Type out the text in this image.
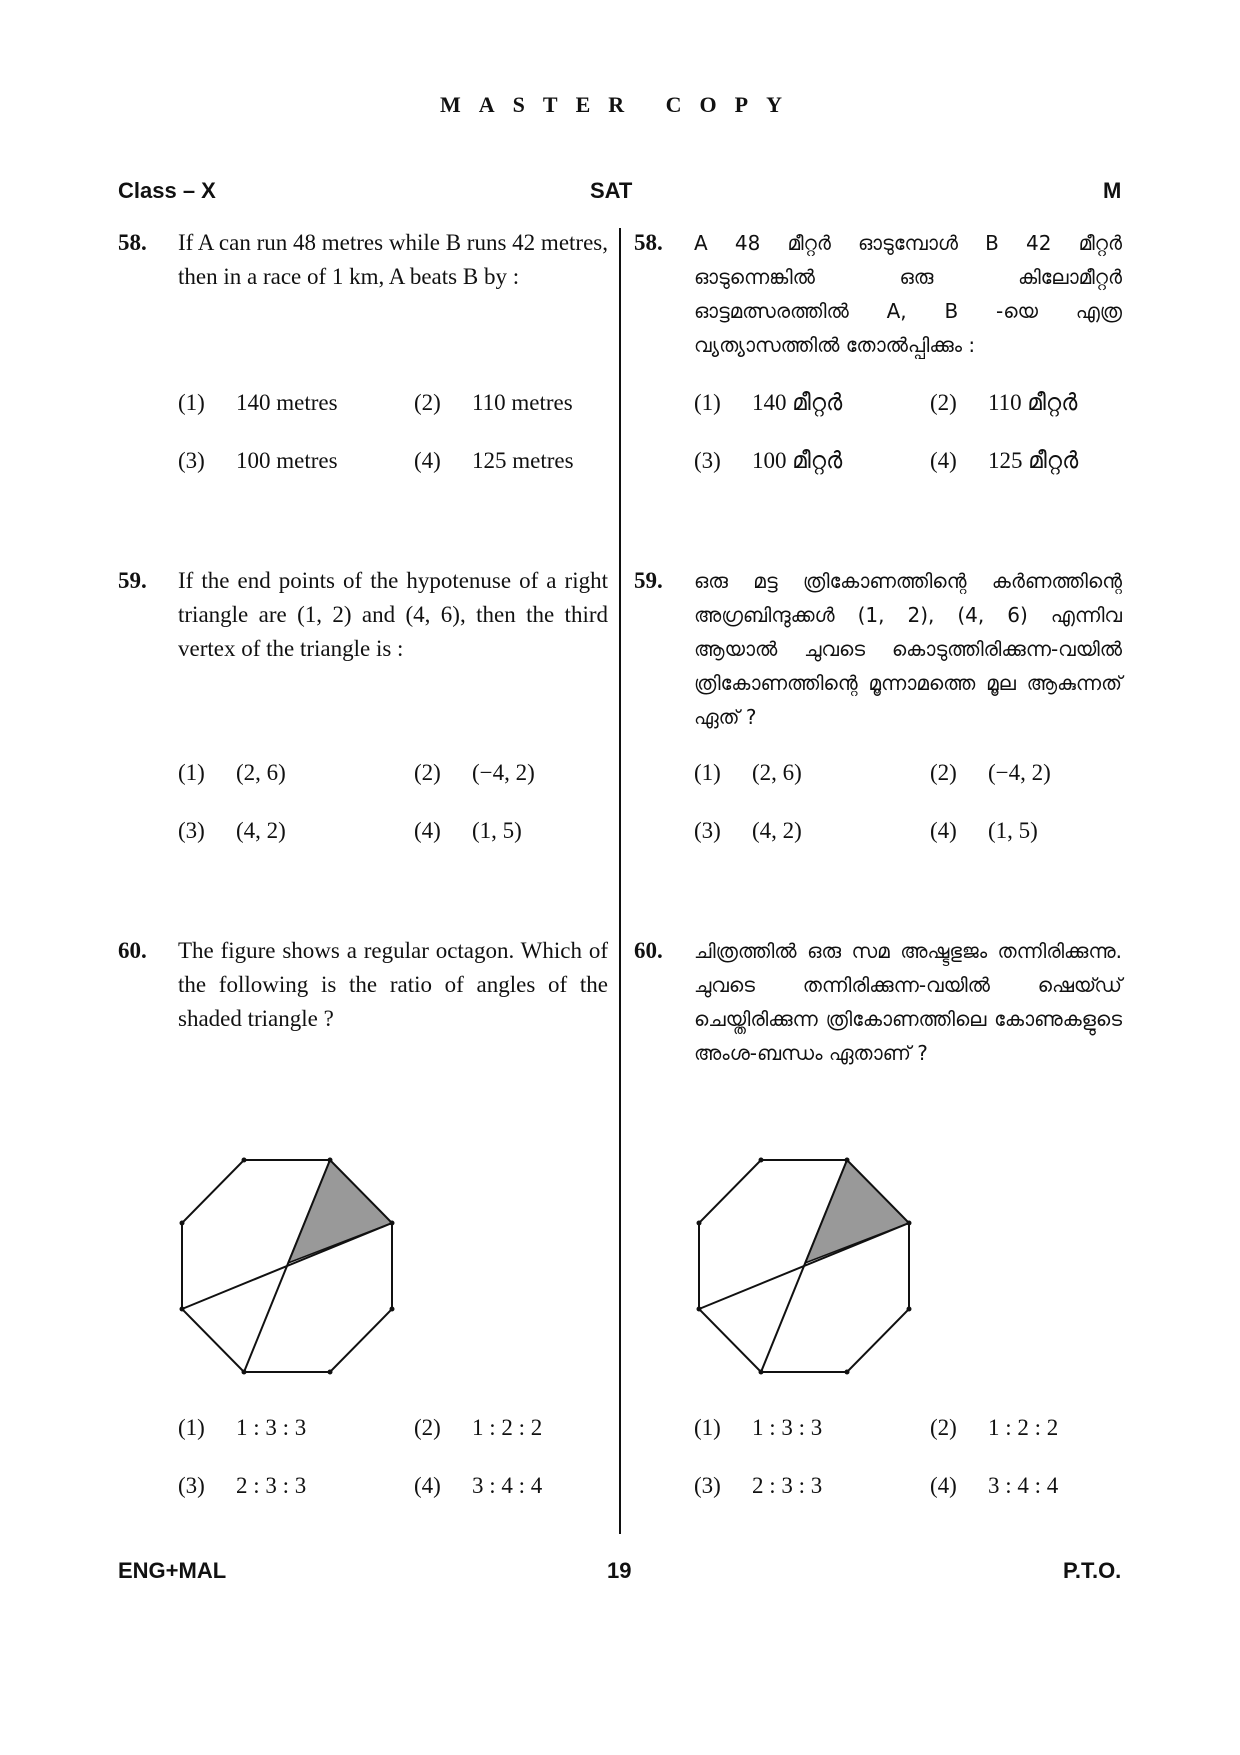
MASTER COPY
Class – X	SAT	M
58. If A can run 48 metres while B runs 42 metres, then in a race of 1 km, A beats B by :
(1) 140 metres	(2) 110 metres
(3) 100 metres	(4) 125 metres
59. If the end points of the hypotenuse of a right triangle are (1, 2) and (4, 6), then the third vertex of the triangle is :
(1) (2, 6)	(2) (−4, 2)
(3) (4, 2)	(4) (1, 5)
60. The figure shows a regular octagon. Which of the following is the ratio of angles of the shaded triangle ?
(1) 1 : 3 : 3	(2) 1 : 2 : 2
(3) 2 : 3 : 3	(4) 3 : 4 : 4
58. A 48 മീറ്റർ ഓടുമ്പോൾ B 42 മീറ്റർ ഓടുന്നെങ്കിൽ ഒരു കിലോമീറ്റർ ഓട്ടമത്സരത്തിൽ A, B -യെ എത്ര വ്യത്യാസത്തിൽ തോൽപ്പിക്കും :
(1) 140 മീറ്റർ	(2) 110 മീറ്റർ
(3) 100 മീറ്റർ	(4) 125 മീറ്റർ
59. ഒരു മട്ട ത്രികോണത്തിന്റെ കർണത്തിന്റെ അഗ്രബിന്ദുക്കൾ (1, 2), (4, 6) എന്നിവ ആയാൽ ചുവടെ കൊടുത്തിരിക്കുന്ന-വയിൽ ത്രികോണത്തിന്റെ മൂന്നാമത്തെ മൂല ആകുന്നത് ഏത് ?
(1) (2, 6)	(2) (−4, 2)
(3) (4, 2)	(4) (1, 5)
60. ചിത്രത്തിൽ ഒരു സമ അഷ്ടഭുജം തന്നിരിക്കുന്നു. ചുവടെ തന്നിരിക്കുന്ന-വയിൽ ഷെയ്ഡ് ചെയ്തിരിക്കുന്ന ത്രികോണത്തിലെ കോണുകളുടെ അംശ-ബന്ധം ഏതാണ് ?
(1) 1 : 3 : 3	(2) 1 : 2 : 2
(3) 2 : 3 : 3	(4) 3 : 4 : 4
ENG+MAL	19	P.T.O.
